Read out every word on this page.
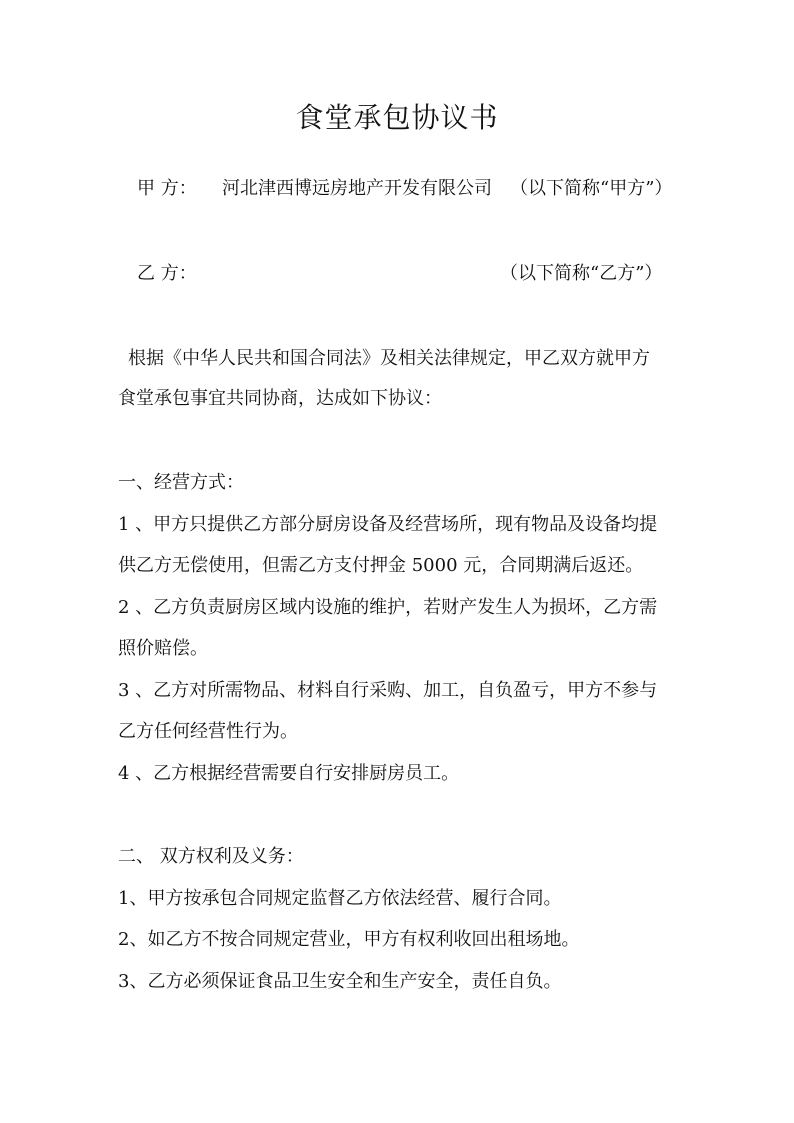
食堂承包协议书
甲 方： 河北津西博远房地产开发有限公司 （以下简称“甲方”）
乙 方：	（以下简称“乙方”）
根据《中华人民共和国合同法》及相关法律规定，甲乙双方就甲方
食堂承包事宜共同协商，达成如下协议：
一、经营方式：
1 、甲方只提供乙方部分厨房设备及经营场所，现有物品及设备均提
供乙方无偿使用，但需乙方支付押金 5000 元，合同期满后返还。
2 、乙方负责厨房区域内设施的维护，若财产发生人为损坏，乙方需
照价赔偿。
3 、乙方对所需物品、材料自行采购、加工，自负盈亏，甲方不参与
乙方任何经营性行为。
4 、乙方根据经营需要自行安排厨房员工。
二、 双方权利及义务：
1、甲方按承包合同规定监督乙方依法经营、履行合同。
2、如乙方不按合同规定营业，甲方有权利收回出租场地。
3、乙方必须保证食品卫生安全和生产安全，责任自负。
